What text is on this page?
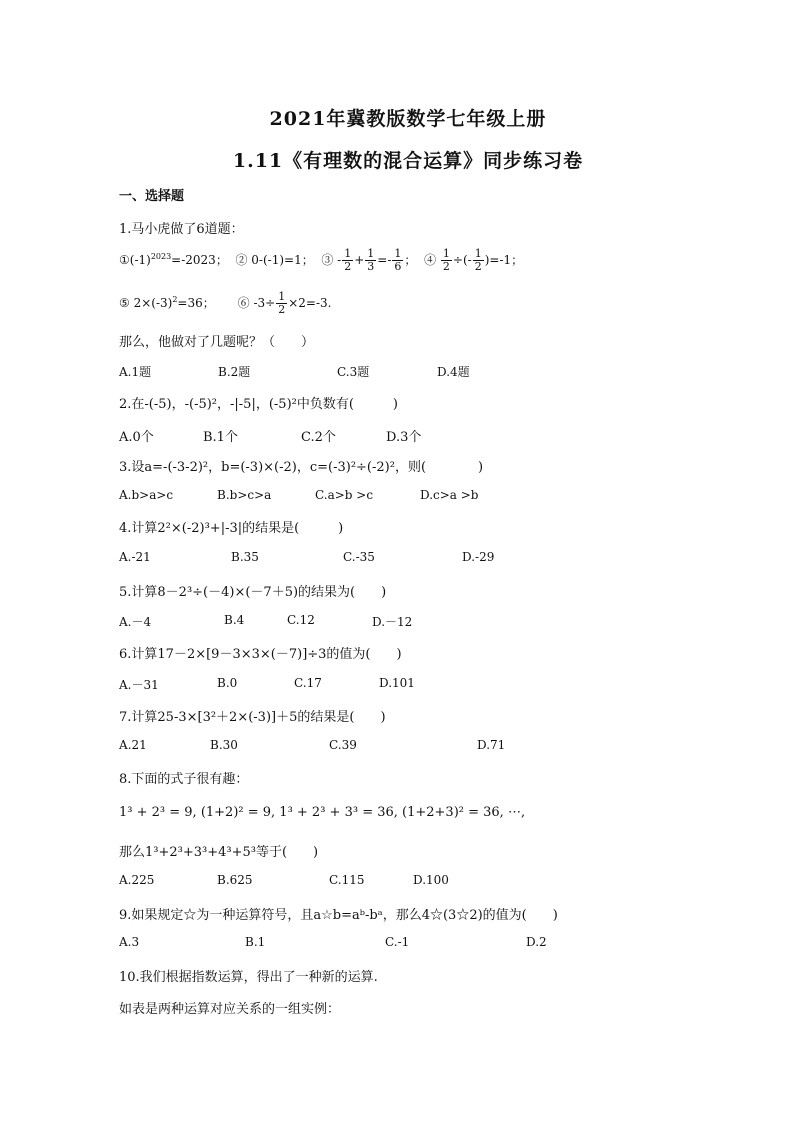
2021年冀教版数学七年级上册
1.11《有理数的混合运算》同步练习卷
一、选择题
1.马小虎做了6道题：
$①(-1)^{2023}=-2023$； ② 0-(-1)=1； ③ - $\frac{1}{2} + \frac{1}{3} =- \frac{1}{6}$ ； ④ $\frac{1}{2}$ ÷(- $\frac{1}{2} )=-1$；
⑤ $2\times(-3)^2=36$； ⑥ $-3\div \frac{1}{2} \times 2=-3$.
那么，他做对了几题呢？（　　）
A.1题	B.2题	C.3题	D.4题
2.在-(-5)，-(-5)²，-|-5|，(-5)²中负数有(　　　)
A.0个	B.1个	C.2个	D.3个
3.设a=-(-3-2)²，b=(-3)×(-2)，c=(-3)²÷(-2)²，则(　　　　)
A.b>a>c	B.b>c>a	C.a>b >c	D.c>a >b
4.计算2²×(-2)³+|-3|的结果是(　　　)
A.-21	B.35	C.-35	D.-29
5.计算8－2³÷(－4)×(－7＋5)的结果为(　　)
A.－4	B.4	C.12	D.－12
6.计算17－2×[9－3×3×(－7)]÷3的值为(　　)
A.－31	B.0	C.17	D.101
7.计算25-3×[3²＋2×(-3)]＋5的结果是(　　)
A.21	B.30	C.39	D.71
8.下面的式子很有趣：
1³ + 2³ = 9, (1+2)² = 9, 1³ + 2³ + 3³ = 36, (1+2+3)² = 36, ⋯,
那么1³+2³+3³+4³+5³等于(　　)
A.225	B.625	C.115	D.100
9.如果规定☆为一种运算符号，且a☆b=aᵇ-bᵃ，那么4☆(3☆2)的值为(　　)
A.3	B.1	C.-1	D.2
10.我们根据指数运算，得出了一种新的运算.
如表是两种运算对应关系的一组实例：
